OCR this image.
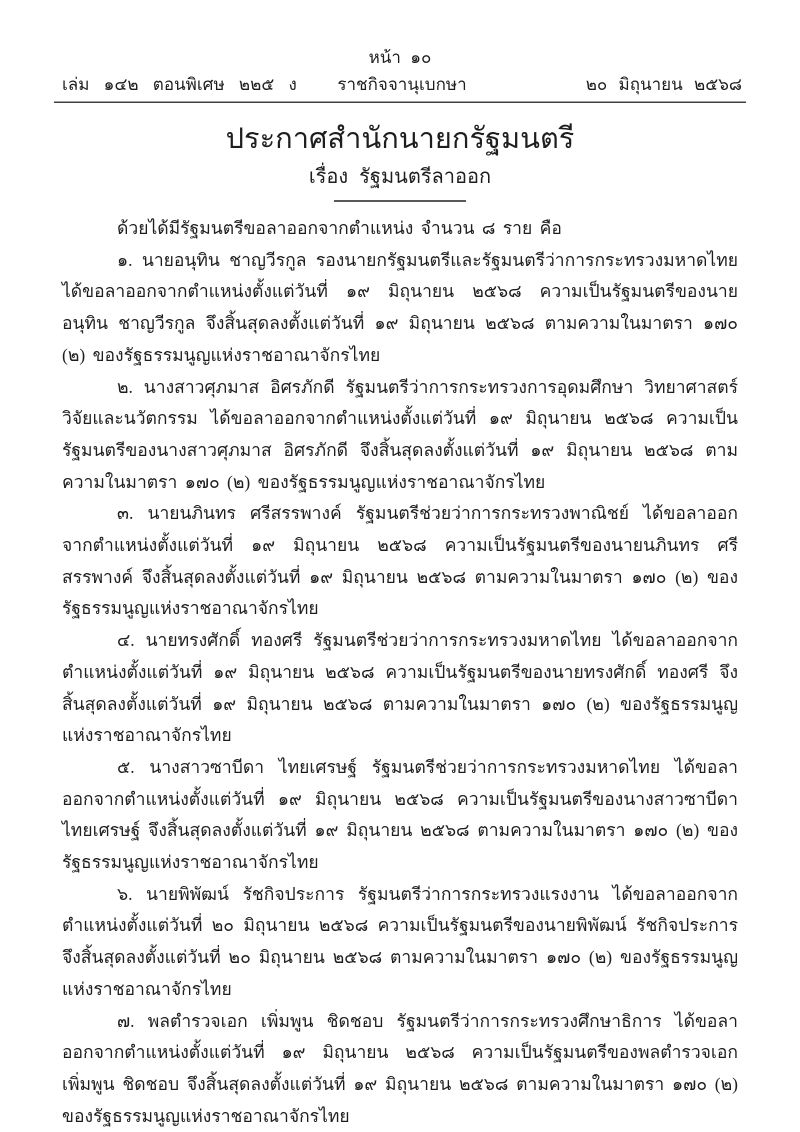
หน้า ๑๐
เล่ม ๑๔๒ ตอนพิเศษ ๒๒๕ ง ราชกิจจานุเบกษา	๒๐ มิถุนายน ๒๕๖๘
ประกาศสำนักนายกรัฐมนตรี
เรื่อง รัฐมนตรีลาออก

ด้วยได้มีรัฐมนตรีขอลาออกจากตำแหน่ง จำนวน ๘ ราย คือ

๑. นายอนุทิน ชาญวีรกูล รองนายกรัฐมนตรีและรัฐมนตรีว่าการกระทรวงมหาดไทย ได้ขอลาออกจากตำแหน่งตั้งแต่วันที่ ๑๙ มิถุนายน ๒๕๖๘ ความเป็นรัฐมนตรีของนายอนุทิน ชาญวีรกูล จึงสิ้นสุดลงตั้งแต่วันที่ ๑๙ มิถุนายน ๒๕๖๘ ตามความในมาตรา ๑๗๐ (๒) ของรัฐธรรมนูญแห่งราชอาณาจักรไทย

๒. นางสาวศุภมาส อิศรภักดี รัฐมนตรีว่าการกระทรวงการอุดมศึกษา วิทยาศาสตร์ วิจัยและนวัตกรรม ได้ขอลาออกจากตำแหน่งตั้งแต่วันที่ ๑๙ มิถุนายน ๒๕๖๘ ความเป็นรัฐมนตรีของนางสาวศุภมาส อิศรภักดี จึงสิ้นสุดลงตั้งแต่วันที่ ๑๙ มิถุนายน ๒๕๖๘ ตามความในมาตรา ๑๗๐ (๒) ของรัฐธรรมนูญแห่งราชอาณาจักรไทย

๓. นายนภินทร ศรีสรรพางค์ รัฐมนตรีช่วยว่าการกระทรวงพาณิชย์ ได้ขอลาออกจากตำแหน่งตั้งแต่วันที่ ๑๙ มิถุนายน ๒๕๖๘ ความเป็นรัฐมนตรีของนายนภินทร ศรีสรรพางค์ จึงสิ้นสุดลงตั้งแต่วันที่ ๑๙ มิถุนายน ๒๕๖๘ ตามความในมาตรา ๑๗๐ (๒) ของรัฐธรรมนูญแห่งราชอาณาจักรไทย

๔. นายทรงศักดิ์ ทองศรี รัฐมนตรีช่วยว่าการกระทรวงมหาดไทย ได้ขอลาออกจากตำแหน่งตั้งแต่วันที่ ๑๙ มิถุนายน ๒๕๖๘ ความเป็นรัฐมนตรีของนายทรงศักดิ์ ทองศรี จึงสิ้นสุดลงตั้งแต่วันที่ ๑๙ มิถุนายน ๒๕๖๘ ตามความในมาตรา ๑๗๐ (๒) ของรัฐธรรมนูญแห่งราชอาณาจักรไทย

๕. นางสาวซาบีดา ไทยเศรษฐ์ รัฐมนตรีช่วยว่าการกระทรวงมหาดไทย ได้ขอลาออกจากตำแหน่งตั้งแต่วันที่ ๑๙ มิถุนายน ๒๕๖๘ ความเป็นรัฐมนตรีของนางสาวซาบีดา ไทยเศรษฐ์ จึงสิ้นสุดลงตั้งแต่วันที่ ๑๙ มิถุนายน ๒๕๖๘ ตามความในมาตรา ๑๗๐ (๒) ของรัฐธรรมนูญแห่งราชอาณาจักรไทย

๖. นายพิพัฒน์ รัชกิจประการ รัฐมนตรีว่าการกระทรวงแรงงาน ได้ขอลาออกจากตำแหน่งตั้งแต่วันที่ ๒๐ มิถุนายน ๒๕๖๘ ความเป็นรัฐมนตรีของนายพิพัฒน์ รัชกิจประการ จึงสิ้นสุดลงตั้งแต่วันที่ ๒๐ มิถุนายน ๒๕๖๘ ตามความในมาตรา ๑๗๐ (๒) ของรัฐธรรมนูญแห่งราชอาณาจักรไทย

๗. พลตำรวจเอก เพิ่มพูน ชิดชอบ รัฐมนตรีว่าการกระทรวงศึกษาธิการ ได้ขอลาออกจากตำแหน่งตั้งแต่วันที่ ๑๙ มิถุนายน ๒๕๖๘ ความเป็นรัฐมนตรีของพลตำรวจเอก เพิ่มพูน ชิดชอบ จึงสิ้นสุดลงตั้งแต่วันที่ ๑๙ มิถุนายน ๒๕๖๘ ตามความในมาตรา ๑๗๐ (๒) ของรัฐธรรมนูญแห่งราชอาณาจักรไทย
